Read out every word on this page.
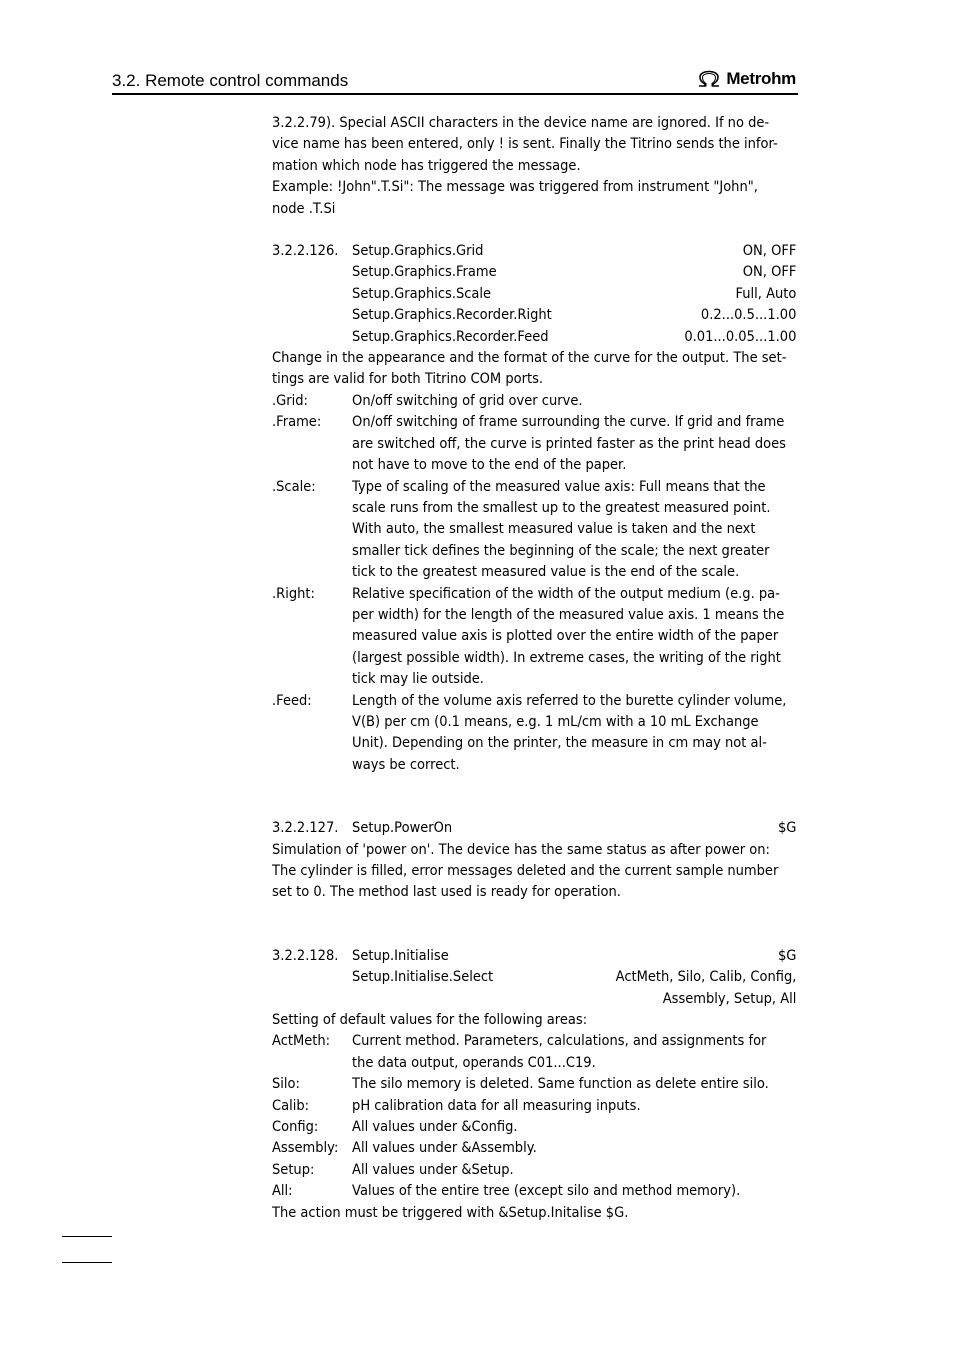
3.2. Remote control commands	Metrohm

3.2.2.79). Special ASCII characters in the device name are ignored. If no de-

vice name has been entered, only ! is sent. Finally the Titrino sends the infor-

mation which node has triggered the message.

Example: !John".T.Si": The message was triggered from instrument "John",

node .T.Si

3.2.2.126. Setup.Graphics.Grid	ON, OFF
Setup.Graphics.Frame	ON, OFF
Setup.Graphics.Scale	Full, Auto
Setup.Graphics.Recorder.Right	0.2...0.5...1.00
Setup.Graphics.Recorder.Feed	0.01...0.05...1.00

Change in the appearance and the format of the curve for the output. The set-

tings are valid for both Titrino COM ports.

.Grid:	On/off switching of grid over curve.
.Frame:	On/off switching of frame surrounding the curve. If grid and frame
are switched off, the curve is printed faster as the print head does
not have to move to the end of the paper.
.Scale:	Type of scaling of the measured value axis: Full means that the
scale runs from the smallest up to the greatest measured point.
With auto, the smallest measured value is taken and the next
smaller tick defines the beginning of the scale; the next greater
tick to the greatest measured value is the end of the scale.
.Right:	Relative specification of the width of the output medium (e.g. pa-
per width) for the length of the measured value axis. 1 means the
measured value axis is plotted over the entire width of the paper
(largest possible width). In extreme cases, the writing of the right
tick may lie outside.
.Feed:	Length of the volume axis referred to the burette cylinder volume,
V(B) per cm (0.1 means, e.g. 1 mL/cm with a 10 mL Exchange
Unit). Depending on the printer, the measure in cm may not al-
ways be correct.
3.2.2.127. Setup.PowerOn	$G

Simulation of 'power on'. The device has the same status as after power on:

The cylinder is filled, error messages deleted and the current sample number

set to 0. The method last used is ready for operation.

3.2.2.128. Setup.Initialise	$G
Setup.Initialise.Select	ActMeth, Silo, Calib, Config,
Assembly, Setup, All

Setting of default values for the following areas:

ActMeth:	Current method. Parameters, calculations, and assignments for
the data output, operands C01...C19.
Silo:	The silo memory is deleted. Same function as delete entire silo.
Calib:	pH calibration data for all measuring inputs.
Config:	All values under &Config.
Assembly: All values under &Assembly.
Setup:	All values under &Setup.
All:	Values of the entire tree (except silo and method memory).

The action must be triggered with &Setup.Initalise $G.
